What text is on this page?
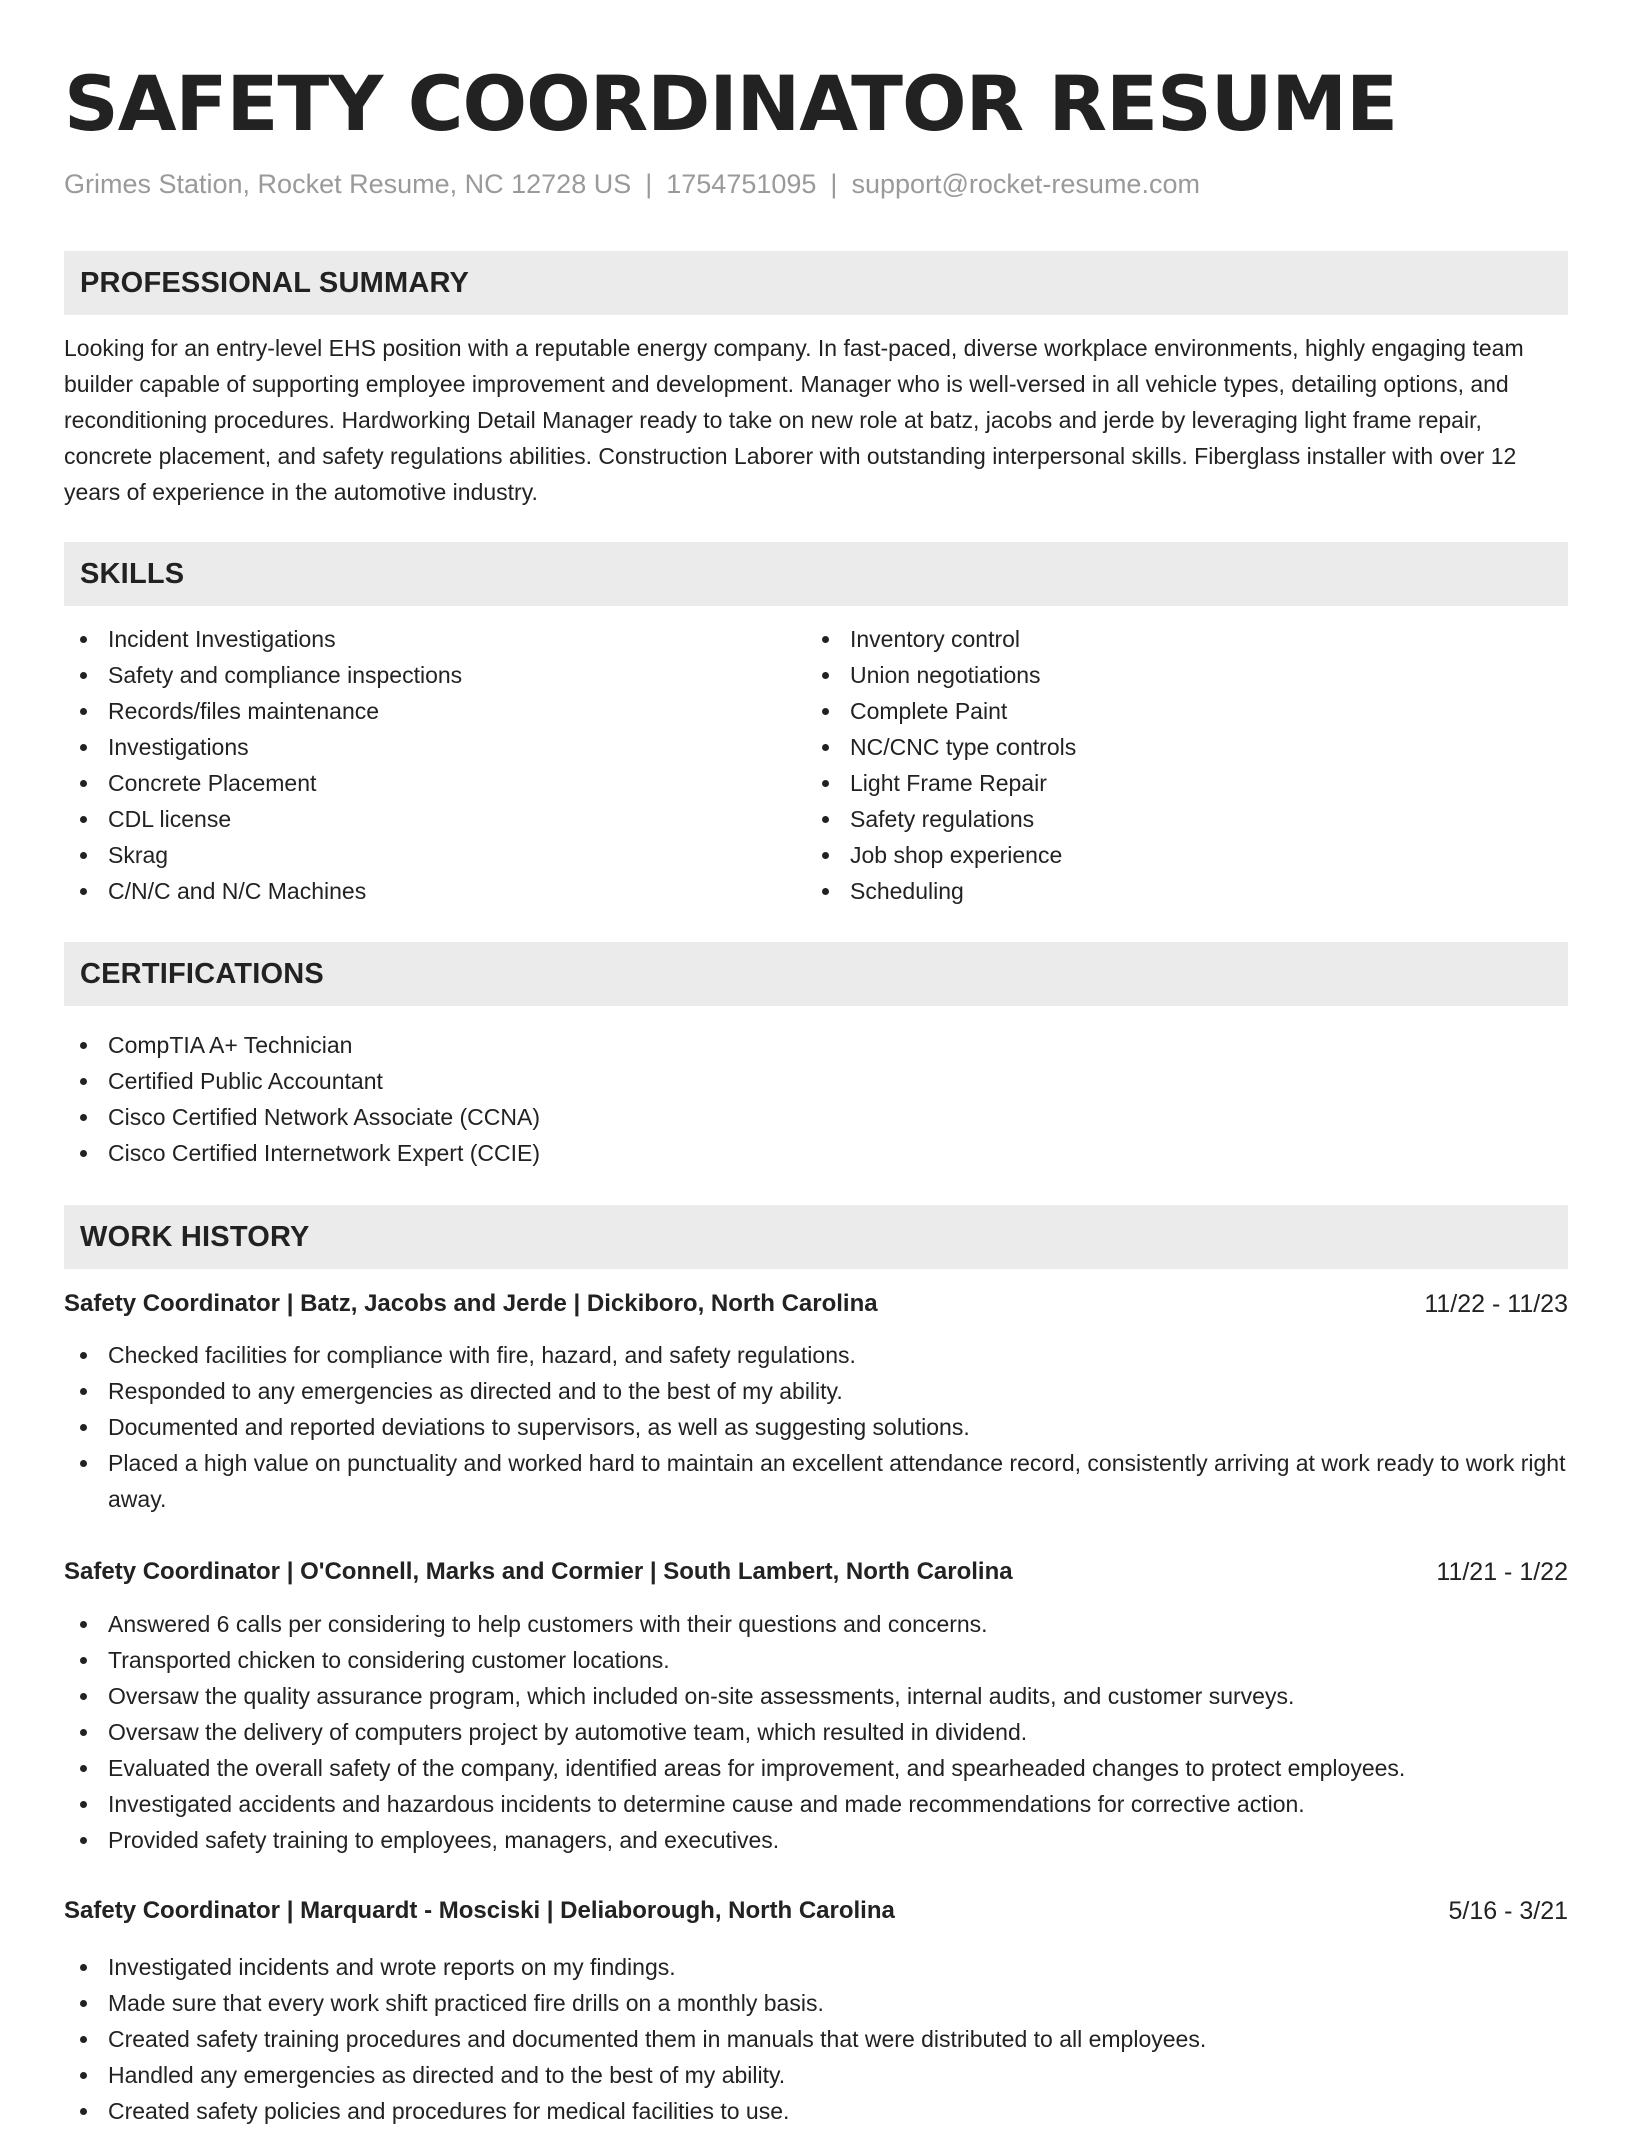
SAFETY COORDINATOR RESUME
Grimes Station, Rocket Resume, NC 12728 US | 1754751095 | support@rocket-resume.com
PROFESSIONAL SUMMARY

Looking for an entry-level EHS position with a reputable energy company. In fast-paced, diverse workplace environments, highly engaging team builder capable of supporting employee improvement and development. Manager who is well-versed in all vehicle types, detailing options, and reconditioning procedures. Hardworking Detail Manager ready to take on new role at batz, jacobs and jerde by leveraging light frame repair, concrete placement, and safety regulations abilities. Construction Laborer with outstanding interpersonal skills. Fiberglass installer with over 12 years of experience in the automotive industry.

SKILLS
Incident Investigations
Safety and compliance inspections
Records/files maintenance
Investigations
Concrete Placement
CDL license
Skrag
C/N/C and N/C Machines
Inventory control
Union negotiations
Complete Paint
NC/CNC type controls
Light Frame Repair
Safety regulations
Job shop experience
Scheduling
CERTIFICATIONS
CompTIA A+ Technician
Certified Public Accountant
Cisco Certified Network Associate (CCNA)
Cisco Certified Internetwork Expert (CCIE)
WORK HISTORY
Safety Coordinator | Batz, Jacobs and Jerde | Dickiboro, North Carolina	11/22 - 11/23
Checked facilities for compliance with fire, hazard, and safety regulations.
Responded to any emergencies as directed and to the best of my ability.
Documented and reported deviations to supervisors, as well as suggesting solutions.
Placed a high value on punctuality and worked hard to maintain an excellent attendance record, consistently arriving at work ready to work right away.
Safety Coordinator | O'Connell, Marks and Cormier | South Lambert, North Carolina	11/21 - 1/22
Answered 6 calls per considering to help customers with their questions and concerns.
Transported chicken to considering customer locations.
Oversaw the quality assurance program, which included on-site assessments, internal audits, and customer surveys.
Oversaw the delivery of computers project by automotive team, which resulted in dividend.
Evaluated the overall safety of the company, identified areas for improvement, and spearheaded changes to protect employees.
Investigated accidents and hazardous incidents to determine cause and made recommendations for corrective action.
Provided safety training to employees, managers, and executives.
Safety Coordinator | Marquardt - Mosciski | Deliaborough, North Carolina	5/16 - 3/21
Investigated incidents and wrote reports on my findings.
Made sure that every work shift practiced fire drills on a monthly basis.
Created safety training procedures and documented them in manuals that were distributed to all employees.
Handled any emergencies as directed and to the best of my ability.
Created safety policies and procedures for medical facilities to use.
